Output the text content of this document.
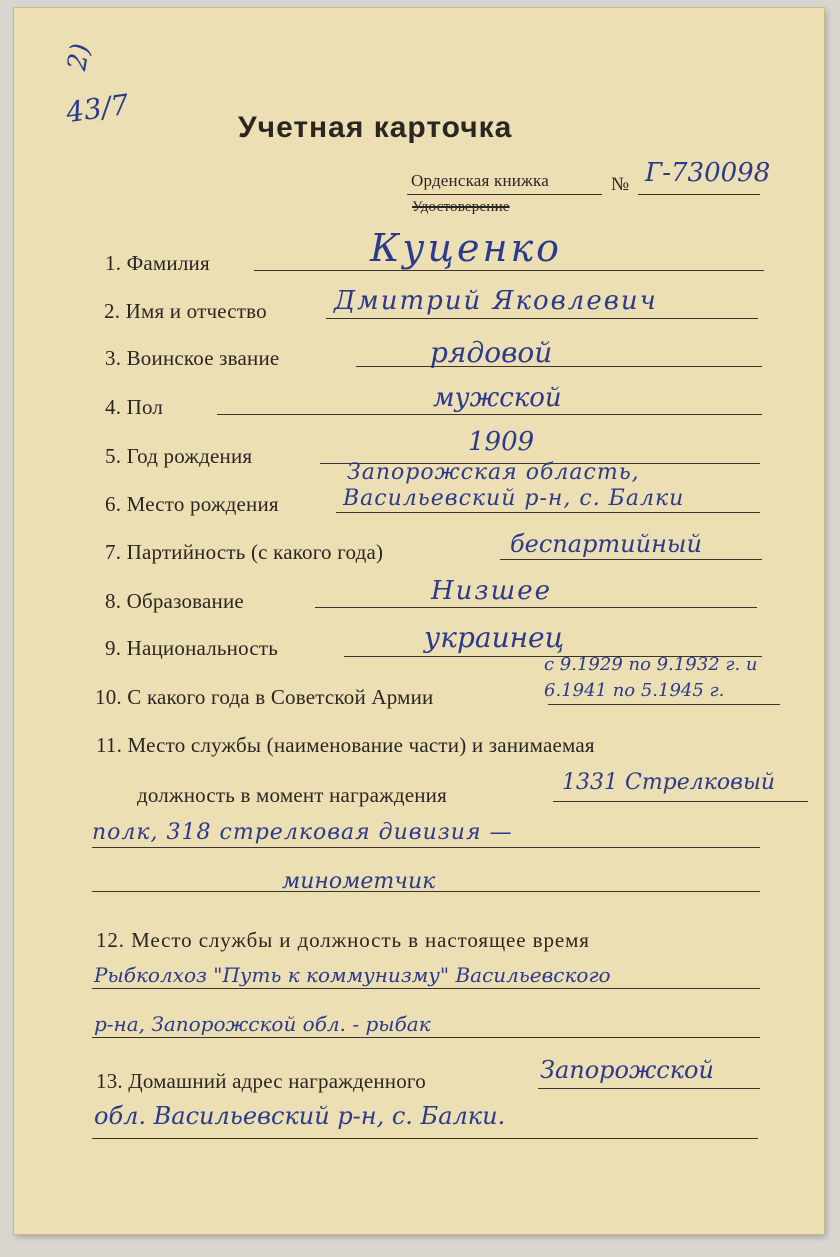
2)
43/7	Учетная карточка
Орденская книжка	№ Г-730098
Удостоверение
1. Фамилия	Куценко
2. Имя и отчество	Дмитрий Яковлевич
3. Воинское звание	рядовой
4. Пол	мужской
5. Год рождения	1909
Запорожская область,
6. Место рождения	Васильевский р-н, с. Балки
7. Партийность (с какого года)	беспартийный
8. Образование	Низшее
9. Национальность	украинец
с 9.1929 по 9.1932 г. и
10. С какого года в Советской Армии	6.1941 по 5.1945 г.
11. Место службы (наименование части) и занимаемая
должность в момент награждения	1331 Стрелковый
полк, 318 стрелковая дивизия —
минометчик
12. Место службы и должность в настоящее время
Рыбколхоз "Путь к коммунизму" Васильевского
р-на, Запорожской обл. - рыбак
13. Домашний адрес награжденного	Запорожской
обл. Васильевский р-н, с. Балки.
